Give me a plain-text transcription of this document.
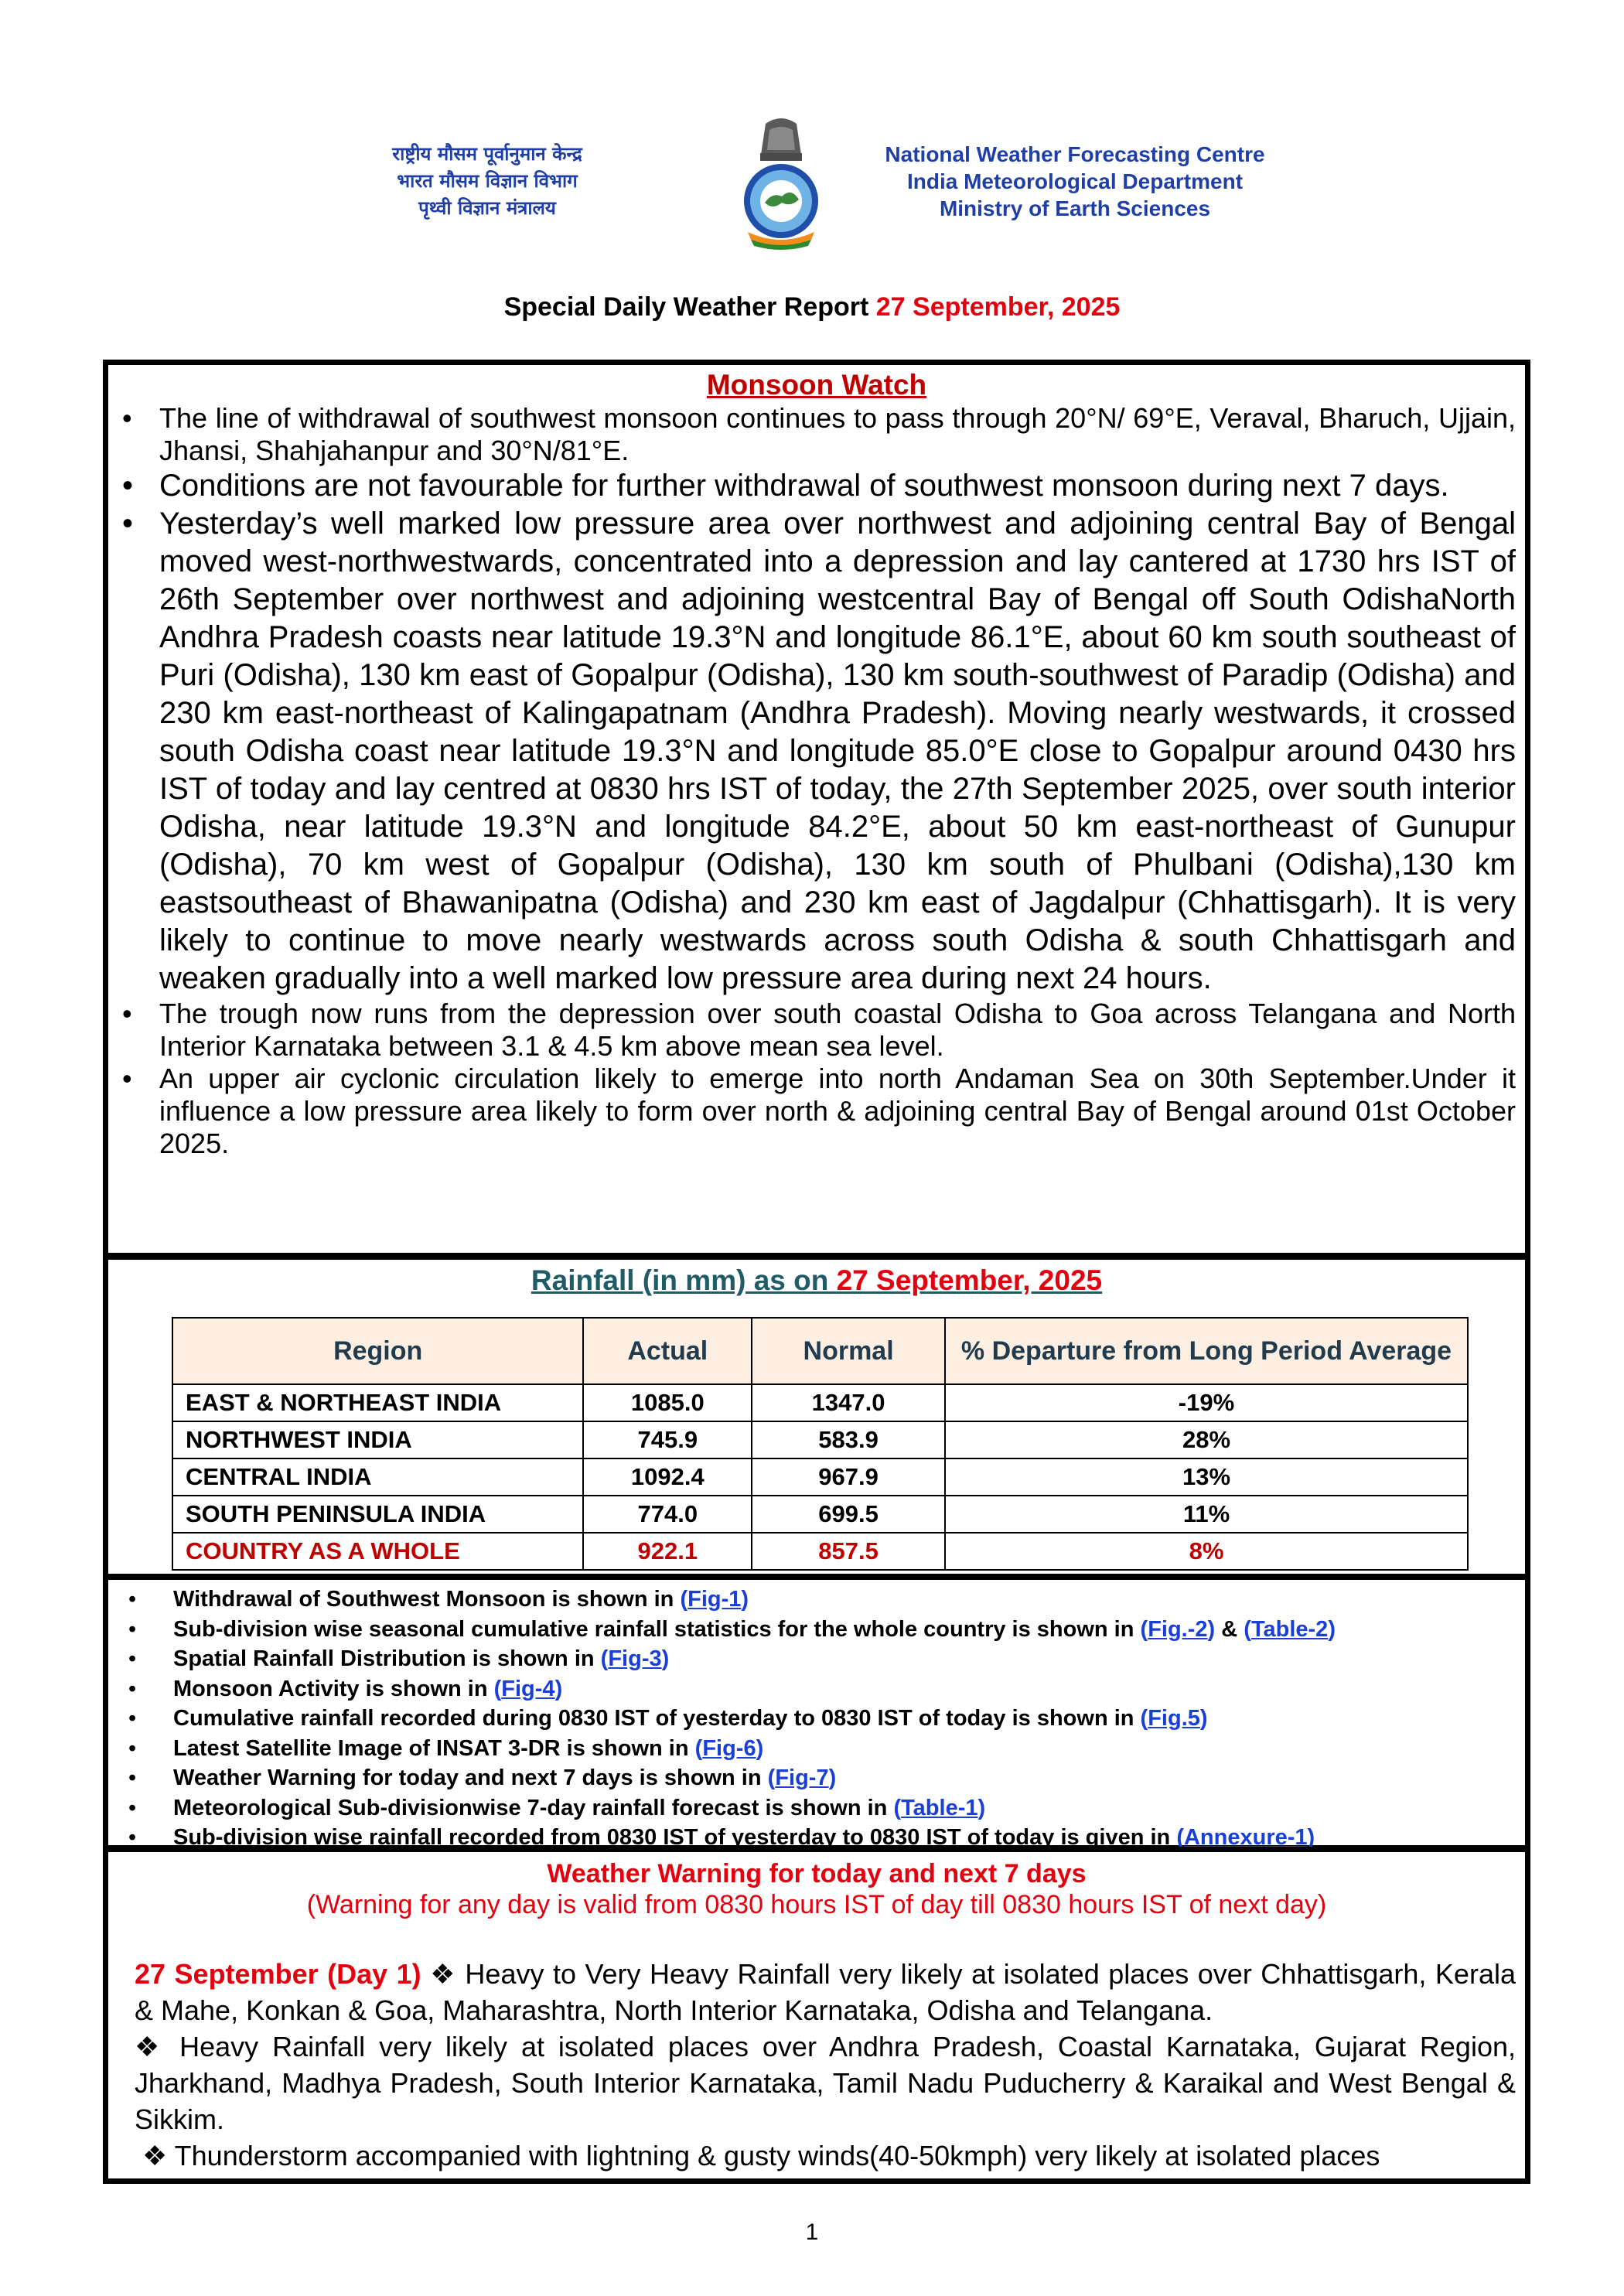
राष्ट्रीय मौसम पूर्वानुमान केन्द्र
भारत मौसम विज्ञान विभाग
पृथ्वी विज्ञान मंत्रालय
National Weather Forecasting Centre
India Meteorological Department
Ministry of Earth Sciences
Special Daily Weather Report 27 September, 2025
Monsoon Watch
• The line of withdrawal of southwest monsoon continues to pass through 20°N/ 69°E, Veraval, Bharuch, Ujjain, Jhansi, Shahjahanpur and 30°N/81°E.
• Conditions are not favourable for further withdrawal of southwest monsoon during next 7 days.
• Yesterday’s well marked low pressure area over northwest and adjoining central Bay of Bengal moved west-northwestwards, concentrated into a depression and lay cantered at 1730 hrs IST of 26th September over northwest and adjoining westcentral Bay of Bengal off South OdishaNorth Andhra Pradesh coasts near latitude 19.3°N and longitude 86.1°E, about 60 km south southeast of Puri (Odisha), 130 km east of Gopalpur (Odisha), 130 km south-southwest of Paradip (Odisha) and 230 km east-northeast of Kalingapatnam (Andhra Pradesh). Moving nearly westwards, it crossed south Odisha coast near latitude 19.3°N and longitude 85.0°E close to Gopalpur around 0430 hrs IST of today and lay centred at 0830 hrs IST of today, the 27th September 2025, over south interior Odisha, near latitude 19.3°N and longitude 84.2°E, about 50 km east-northeast of Gunupur (Odisha), 70 km west of Gopalpur (Odisha), 130 km south of Phulbani (Odisha),130 km eastsoutheast of Bhawanipatna (Odisha) and 230 km east of Jagdalpur (Chhattisgarh). It is very likely to continue to move nearly westwards across south Odisha & south Chhattisgarh and weaken gradually into a well marked low pressure area during next 24 hours.
• The trough now runs from the depression over south coastal Odisha to Goa across Telangana and North Interior Karnataka between 3.1 & 4.5 km above mean sea level.
• An upper air cyclonic circulation likely to emerge into north Andaman Sea on 30th September.Under it influence a low pressure area likely to form over north & adjoining central Bay of Bengal around 01st October 2025.
Rainfall (in mm) as on 27 September, 2025
Region	Actual	Normal	% Departure from Long Period Average
EAST & NORTHEAST INDIA	1085.0	1347.0	-19%
NORTHWEST INDIA	745.9	583.9	28%
CENTRAL INDIA	1092.4	967.9	13%
SOUTH PENINSULA INDIA	774.0	699.5	11%
COUNTRY AS A WHOLE	922.1	857.5	8%
• Withdrawal of Southwest Monsoon is shown in (Fig-1)
• Sub-division wise seasonal cumulative rainfall statistics for the whole country is shown in (Fig.-2) & (Table-2)
• Spatial Rainfall Distribution is shown in (Fig-3)
• Monsoon Activity is shown in (Fig-4)
• Cumulative rainfall recorded during 0830 IST of yesterday to 0830 IST of today is shown in (Fig.5)
• Latest Satellite Image of INSAT 3-DR is shown in (Fig-6)
• Weather Warning for today and next 7 days is shown in (Fig-7)
• Meteorological Sub-divisionwise 7-day rainfall forecast is shown in (Table-1)
• Sub-division wise rainfall recorded from 0830 IST of yesterday to 0830 IST of today is given in (Annexure-1)
Weather Warning for today and next 7 days
(Warning for any day is valid from 0830 hours IST of day till 0830 hours IST of next day)

27 September (Day 1) ❖ Heavy to Very Heavy Rainfall very likely at isolated places over Chhattisgarh, Kerala & Mahe, Konkan & Goa, Maharashtra, North Interior Karnataka, Odisha and Telangana.

❖ Heavy Rainfall very likely at isolated places over Andhra Pradesh, Coastal Karnataka, Gujarat Region, Jharkhand, Madhya Pradesh, South Interior Karnataka, Tamil Nadu Puducherry & Karaikal and West Bengal & Sikkim.

❖ Thunderstorm accompanied with lightning & gusty winds(40-50kmph) very likely at isolated places

1
